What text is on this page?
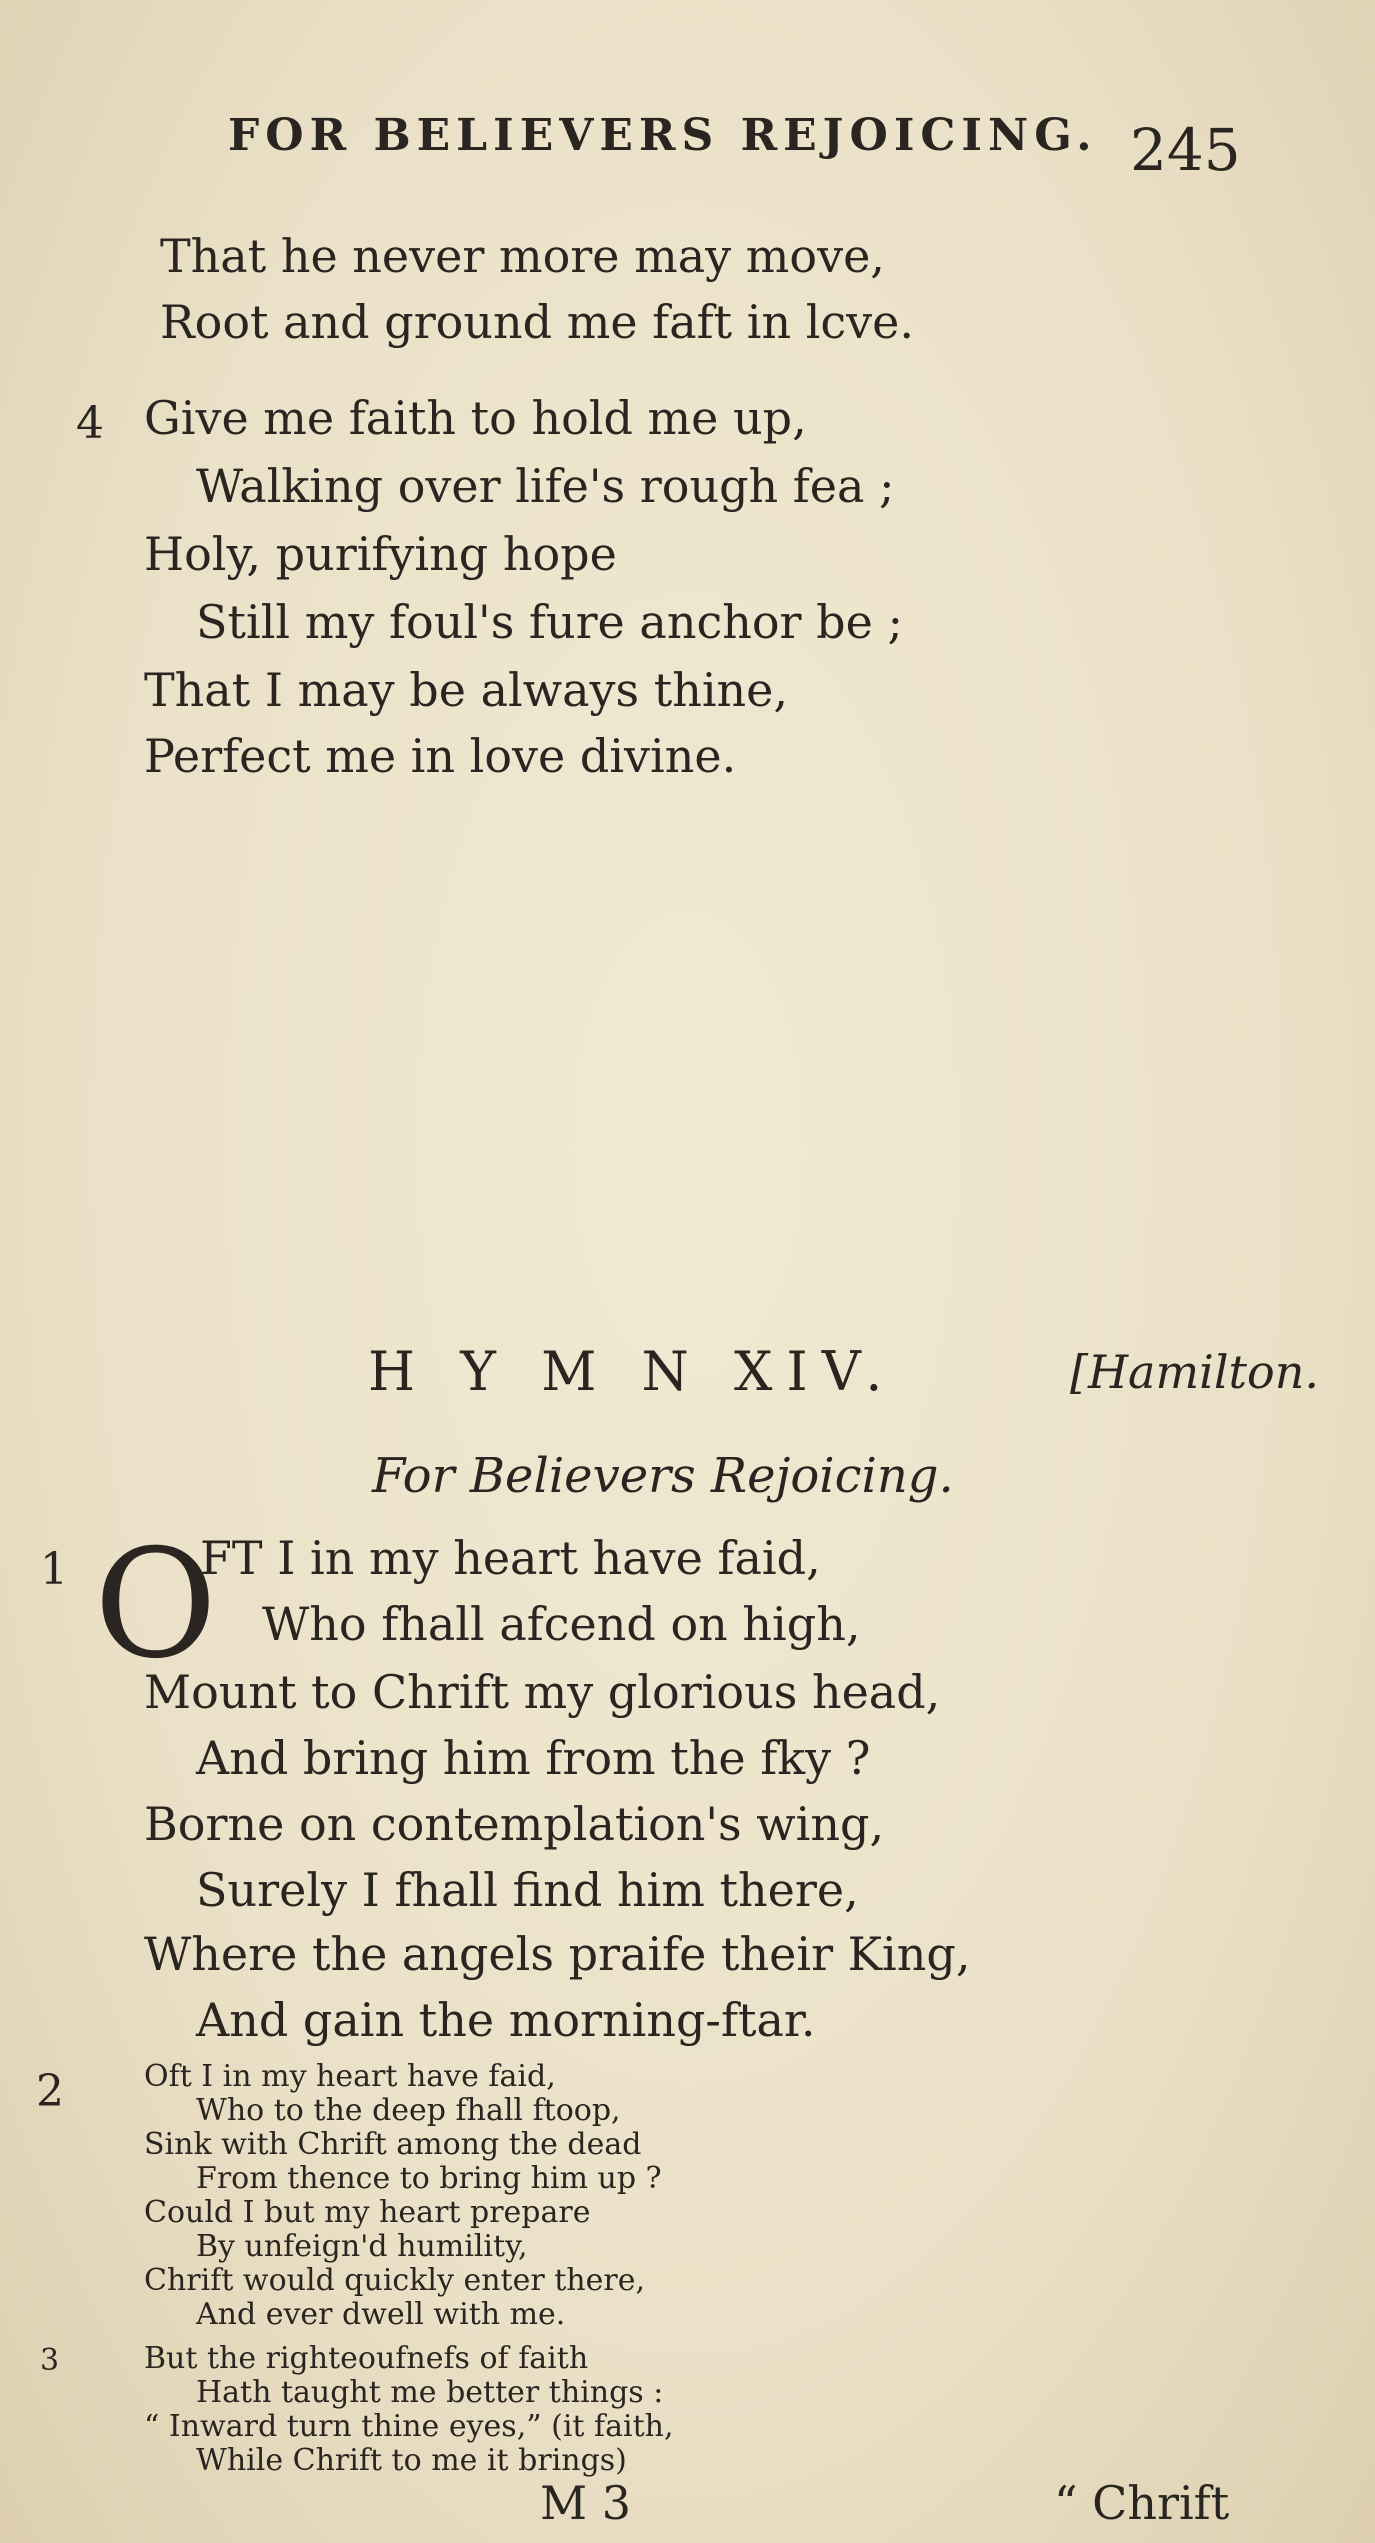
FOR BELIEVERS REJOICING. 245
That he never more may move,
Root and ground me faft in lcve.
4 Give me faith to hold me up,
Walking over life's rough fea ;
Holy, purifying hope
Still my foul's fure anchor be ;
That I may be always thine,
Perfect me in love divine.
H Y M N XIV.	[Hamilton.
For Believers Rejoicing.
1 O
M 3	“ Chrift
FT I in my heart have faid,
Who fhall afcend on high,
Mount to Chrift my glorious head,
And bring him from the fky ?
Borne on contemplation's wing,
Surely I fhall find him there,
Where the angels praife their King,
And gain the morning-ftar.
2	Oft I in my heart have faid,
Who to the deep fhall ftoop,
Sink with Chrift among the dead
From thence to bring him up ?
Could I but my heart prepare
By unfeign'd humility,
Chrift would quickly enter there,
And ever dwell with me.
3	But the righteoufnefs of faith
Hath taught me better things :
“ Inward turn thine eyes,” (it faith,
While Chrift to me it brings)
